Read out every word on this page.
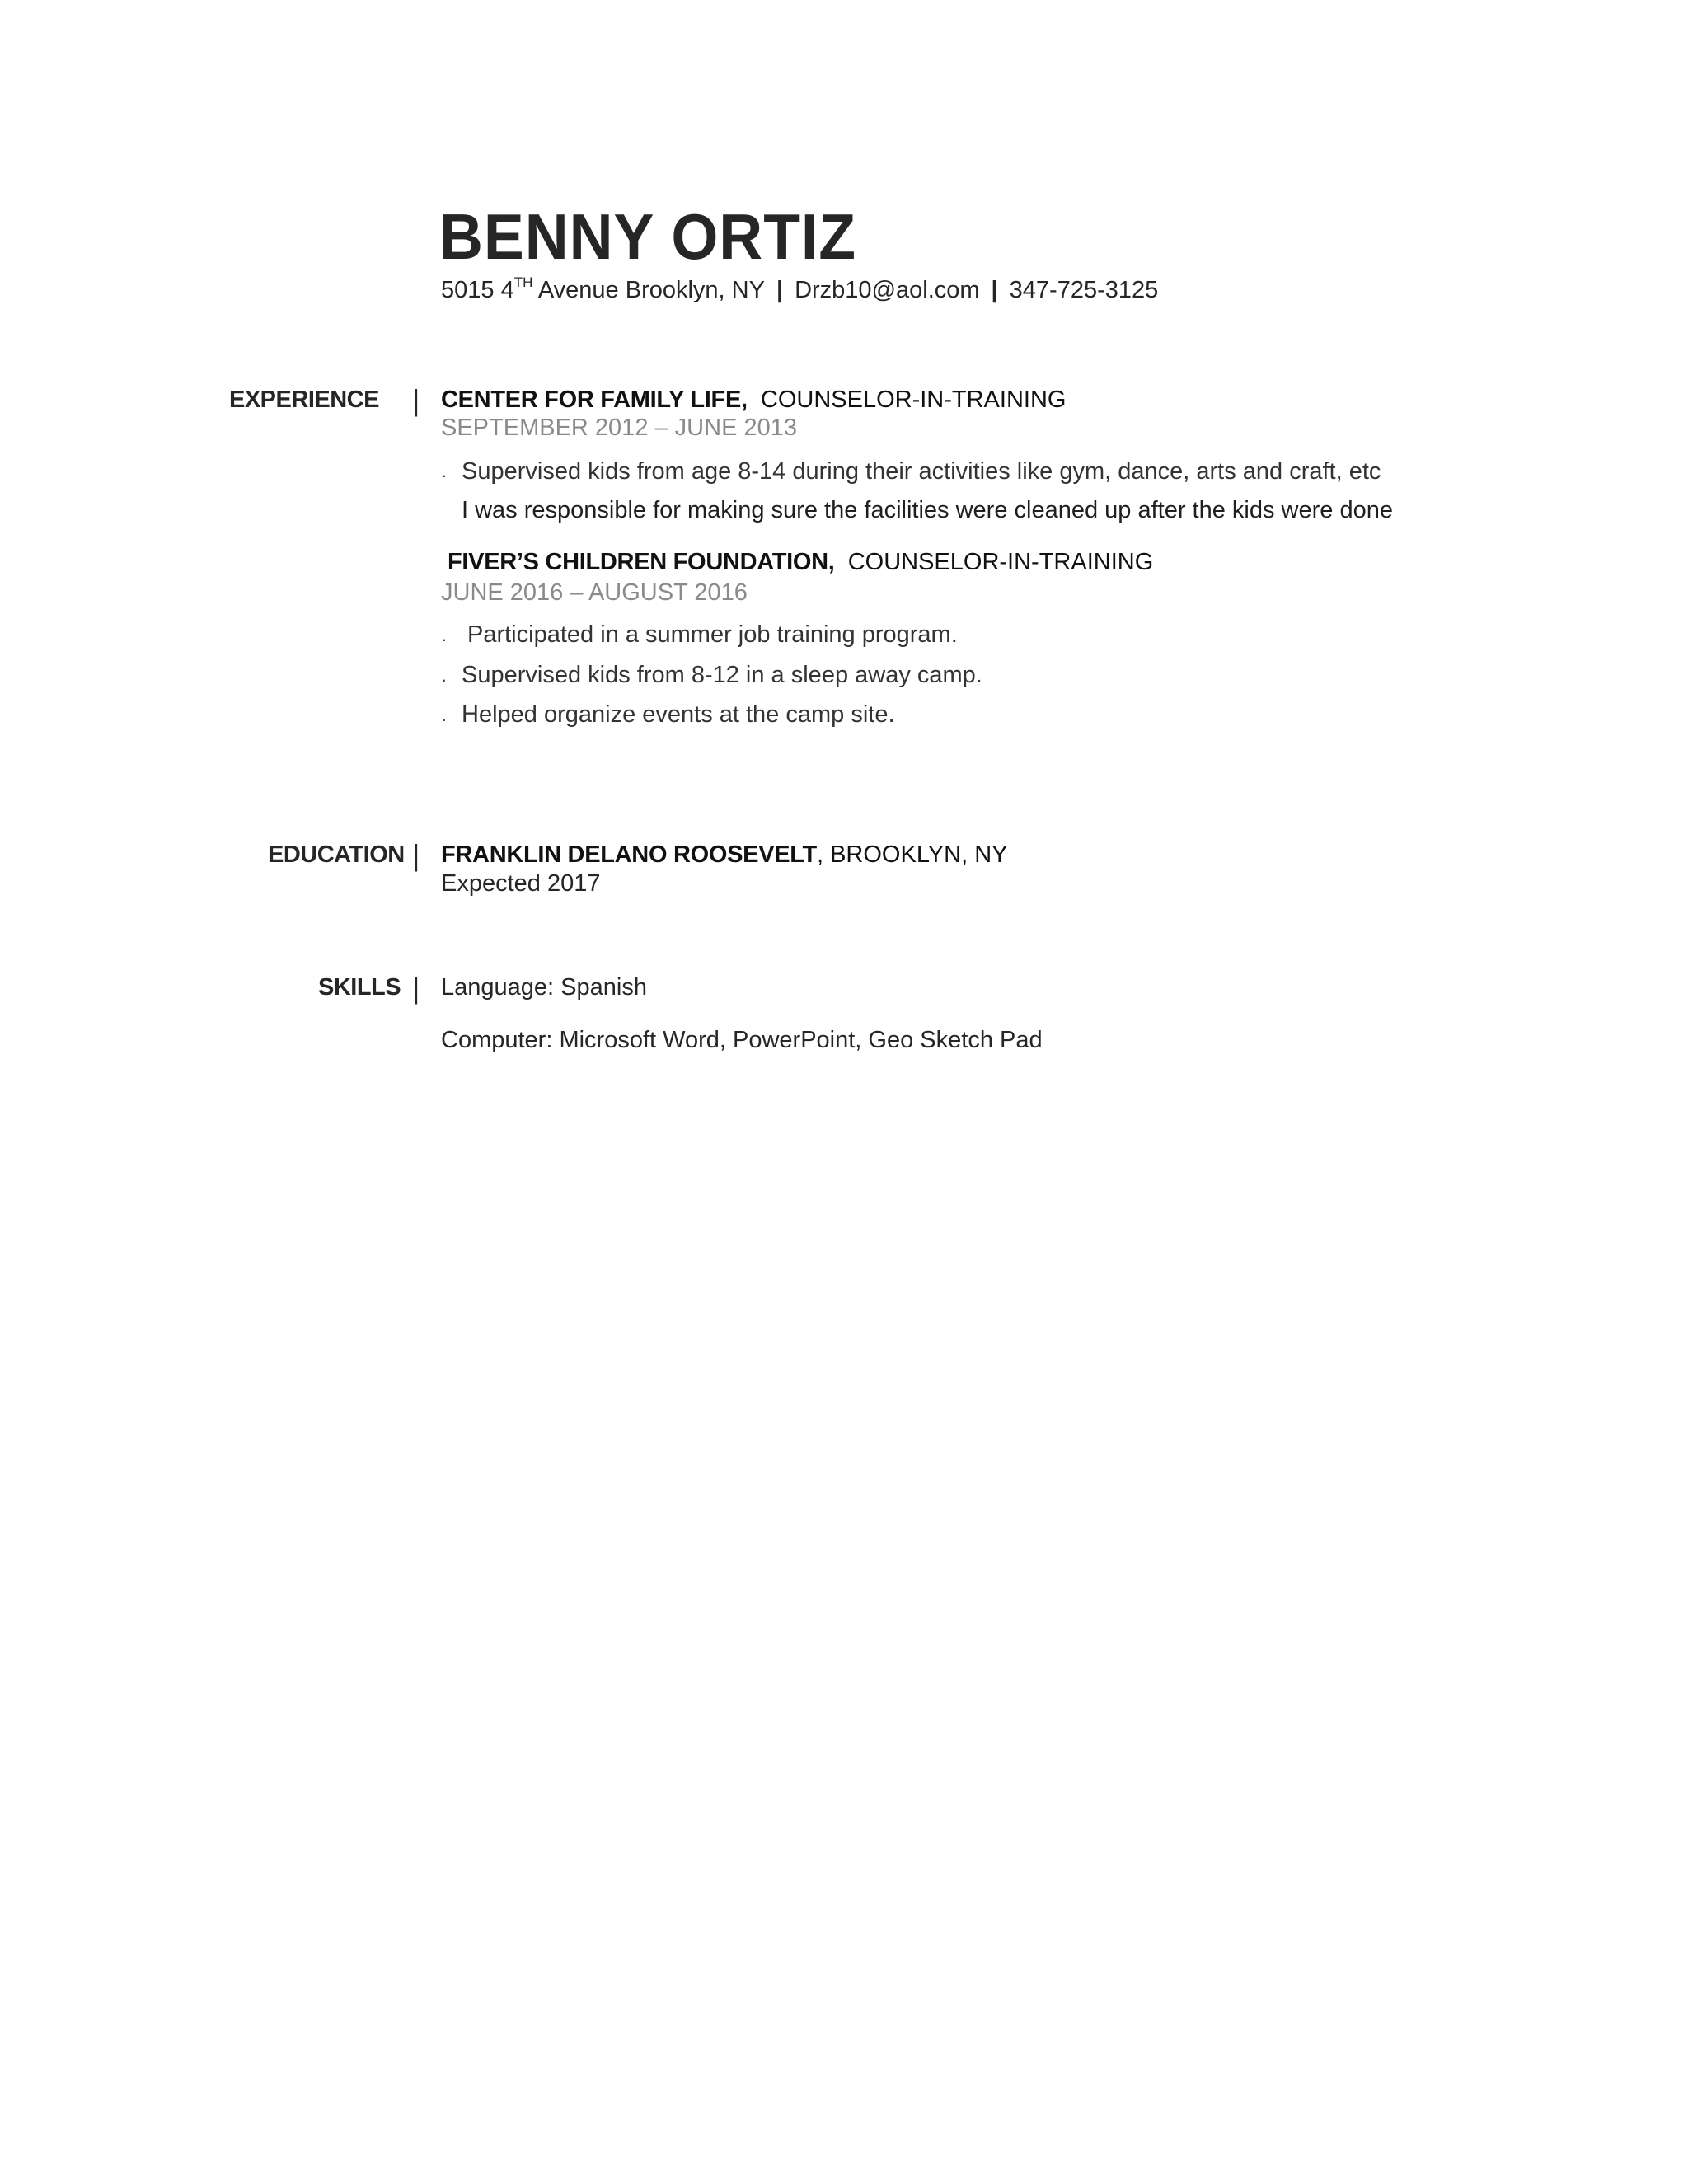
BENNY ORTIZ
5015 4TH Avenue Brooklyn, NY | Drzb10@aol.com | 347-725-3125
EXPERIENCE | CENTER FOR FAMILY LIFE, COUNSELOR-IN-TRAINING
SEPTEMBER 2012 – JUNE 2013
· Supervised kids from age 8-14 during their activities like gym, dance, arts and craft, etc
I was responsible for making sure the facilities were cleaned up after the kids were done
FIVER’S CHILDREN FOUNDATION, COUNSELOR-IN-TRAINING
JUNE 2016 – AUGUST 2016
· Participated in a summer job training program.
· Supervised kids from 8-12 in a sleep away camp.
· Helped organize events at the camp site.
EDUCATION | FRANKLIN DELANO ROOSEVELT, BROOKLYN, NY
Expected 2017
SKILLS | Language: Spanish
Computer: Microsoft Word, PowerPoint, Geo Sketch Pad
